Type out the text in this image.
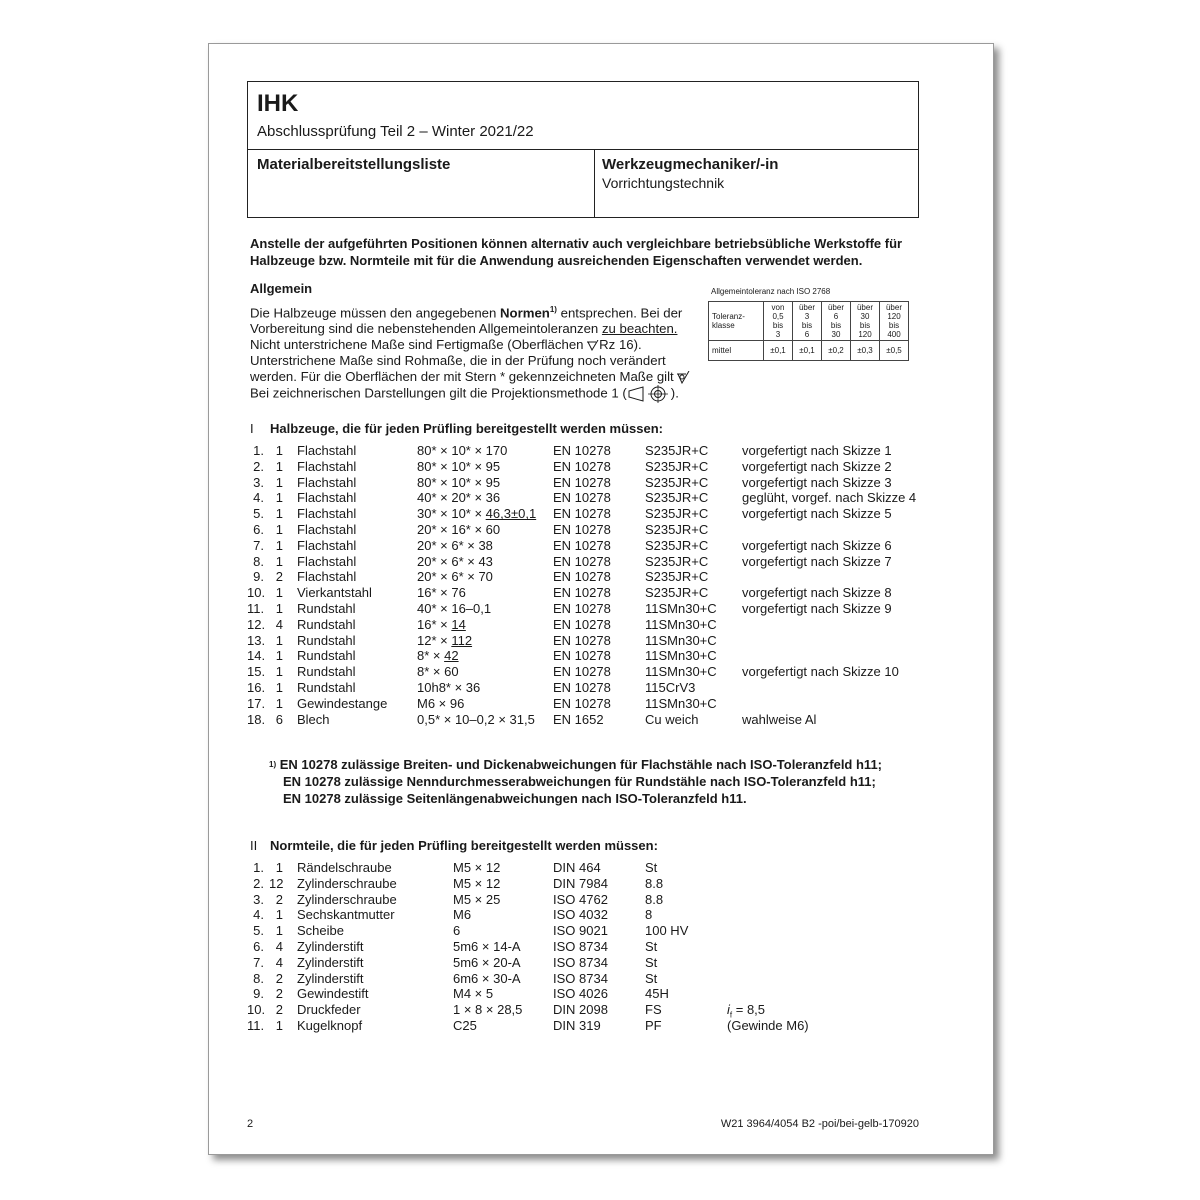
IHK
Abschlussprüfung Teil 2 – Winter 2021/22
Materialbereitstellungsliste	Werkzeugmechaniker/-in
Vorrichtungstechnik
Anstelle der aufgeführten Positionen können alternativ auch vergleichbare betriebsübliche Werkstoffe für Halbzeuge bzw. Normteile mit für die Anwendung ausreichenden Eigenschaften verwendet werden.
Allgemein
Die Halbzeuge müssen den angegebenen Normen$^{1)}$ entsprechen. Bei der
Vorbereitung sind die nebenstehenden Allgemeintoleranzen zu beachten.
Nicht unterstrichene Maße sind Fertigmaße (Oberflächen Rz 16).
Unterstrichene Maße sind Rohmaße, die in der Prüfung noch verändert
werden. Für die Oberflächen der mit Stern * gekennzeichneten Maße gilt
Bei zeichnerischen Darstellungen gilt die Projektionsmethode 1 (	).
Allgemeintoleranz nach ISO 2768
Toleranz-
klasse	von
0,5
bis
3	über
3
bis
6	über
6
bis
30	über
30
bis
120	über
120
bis
400
mittel	±0,1	±0,1	±0,2	±0,3	±0,5
I Halbzeuge, die für jeden Prüfling bereitgestellt werden müssen:
1. 1 Flachstahl	80* × 10* × 170	EN 10278	S235JR+C	vorgefertigt nach Skizze 1
2. 1 Flachstahl	80* × 10* × 95	EN 10278	S235JR+C	vorgefertigt nach Skizze 2
3. 1 Flachstahl	80* × 10* × 95	EN 10278	S235JR+C	vorgefertigt nach Skizze 3
4. 1 Flachstahl	40* × 20* × 36	EN 10278	S235JR+C	geglüht, vorgef. nach Skizze 4
5. 1 Flachstahl	30* × 10* × 46,3±0,1 EN 10278	S235JR+C	vorgefertigt nach Skizze 5
6. 1 Flachstahl	20* × 16* × 60	EN 10278	S235JR+C
7. 1 Flachstahl	20* × 6* × 38	EN 10278	S235JR+C	vorgefertigt nach Skizze 6
8. 1 Flachstahl	20* × 6* × 43	EN 10278	S235JR+C	vorgefertigt nach Skizze 7
9. 2 Flachstahl	20* × 6* × 70	EN 10278	S235JR+C
10. 1 Vierkantstahl	16* × 76	EN 10278	S235JR+C	vorgefertigt nach Skizze 8
11. 1 Rundstahl	40* × 16–0,1	EN 10278	11SMn30+C vorgefertigt nach Skizze 9
12. 4 Rundstahl	16* × 14	EN 10278	11SMn30+C
13. 1 Rundstahl	12* × 112	EN 10278	11SMn30+C
14. 1 Rundstahl	8* × 42	EN 10278	11SMn30+C
15. 1 Rundstahl	8* × 60	EN 10278	11SMn30+C vorgefertigt nach Skizze 10
16. 1 Rundstahl	10h8* × 36	EN 10278	115CrV3
17. 1 Gewindestange M6 × 96	EN 10278	11SMn30+C
18. 6 Blech	0,5* × 10–0,2 × 31,5 EN 1652	Cu weich	wahlweise Al
$^{1)}$ EN 10278 zulässige Breiten- und Dickenabweichungen für Flachstähle nach ISO-Toleranzfeld h11;
EN 10278 zulässige Nenndurchmesserabweichungen für Rundstähle nach ISO-Toleranzfeld h11;
EN 10278 zulässige Seitenlängenabweichungen nach ISO-Toleranzfeld h11.
II Normteile, die für jeden Prüfling bereitgestellt werden müssen:
1. 1 Rändelschraube	M5 × 12	DIN 464	St
2. 12 Zylinderschraube	M5 × 12	DIN 7984	8.8
3. 2 Zylinderschraube	M5 × 25	ISO 4762	8.8
4. 1 Sechskantmutter	M6	ISO 4032	8
5. 1 Scheibe	6	ISO 9021	100 HV
6. 4 Zylinderstift	5m6 × 14-A ISO 8734	St
7. 4 Zylinderstift	5m6 × 20-A ISO 8734	St
8. 2 Zylinderstift	6m6 × 30-A ISO 8734	St
9. 2 Gewindestift	M4 × 5	ISO 4026	45H
10. 2 Druckfeder	1 × 8 × 28,5 DIN 2098	FS	$i_f = 8,5$
11. 1 Kugelknopf	C25	DIN 319	PF	(Gewinde M6)
2	W21 3964/4054 B2 -poi/bei-gelb-170920
